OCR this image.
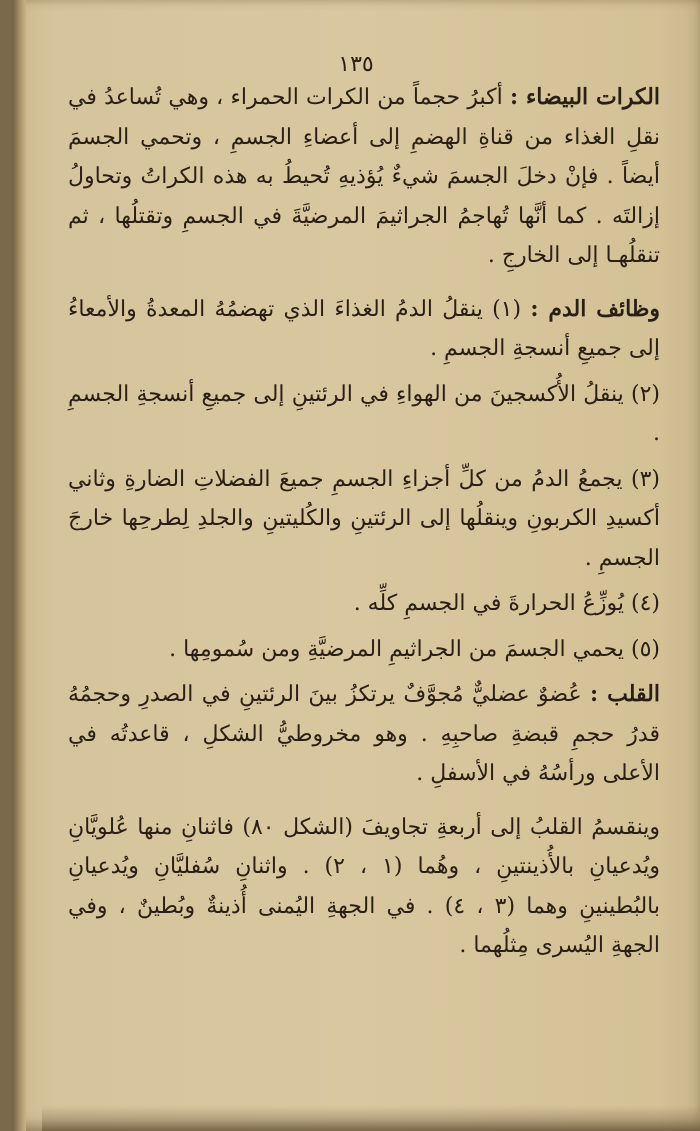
١٣٥

الكرات البيضاء : أكبرُ حجماً من الكرات الحمراء ، وهي تُساعدُ في نقلِ الغذاء من قناةِ الهضمِ إلى أعضاءِ الجسمِ ، وتحمي الجسمَ أيضاً . فإنْ دخلَ الجسمَ شيءٌ يُؤذيهِ تُحيطُ به هذه الكراتُ وتحاولُ إزالتَه . كما أنَّها تُهاجمُ الجراثيمَ المرضيَّةَ في الجسمِ وتقتلُها ، ثم تنقلُهـا إلى الخارجِ .

وظائف الدم : (١) ينقلُ الدمُ الغذاءَ الذي تهضمُهُ المعدةُ والأمعاءُ إلى جميعِ أنسجةِ الجسمِ .

(٢) ينقلُ الأُكسجينَ من الهواءِ في الرئتينِ إلى جميعِ أنسجةِ الجسمِ .

(٣) يجمعُ الدمُ من كلِّ أجزاءِ الجسمِ جميعَ الفضلاتِ الضارةِ وثاني أكسيدِ الكربونِ وينقلُها إلى الرئتينِ والكُليتينِ والجلدِ لِطرحِها خارجَ الجسمِ .

(٤) يُوزِّعُ الحرارةَ في الجسمِ كلِّه .

(٥) يحمي الجسمَ من الجراثيمِ المرضيَّةِ ومن سُمومِها .

القلب : عُضوٌ عضليٌّ مُجوَّفٌ يرتكزُ بينَ الرئتينِ في الصدرِ وحجمُهُ قدرُ حجمِ قبضةِ صاحبِهِ . وهو مخروطيُّ الشكلِ ، قاعدتُه في الأعلى ورأسُهُ في الأسفلِ .

وينقسمُ القلبُ إلى أربعةِ تجاويفَ (الشكل ٨٠) فاثنانِ منها عُلويَّانِ ويُدعيانِ بالأُذينتينِ ، وهُما (١ ، ٢) . واثنانِ سُفليَّانِ ويُدعيانِ بالبُطينينِ وهما (٣ ، ٤) . في الجهةِ اليُمنى أُذينةٌ وبُطينٌ ، وفي الجهةِ اليُسرى مِثلُهما .
